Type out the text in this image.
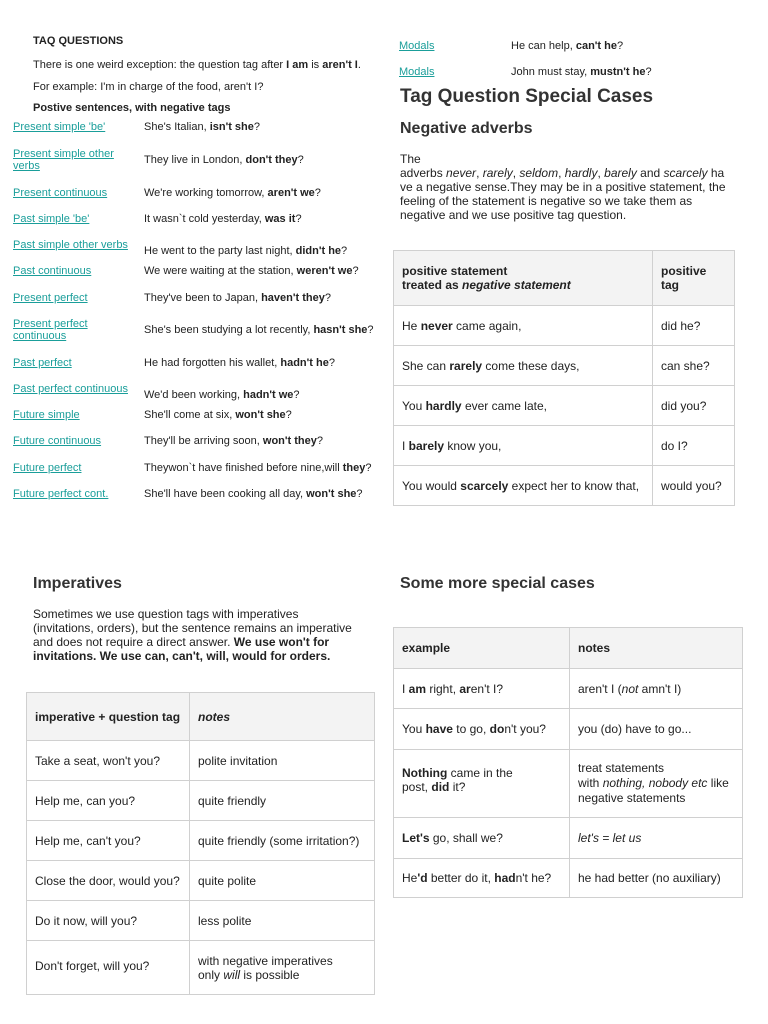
TAQ QUESTIONS
There is one weird exception: the question tag after I am is aren't I.
For example: I'm in charge of the food, aren't I?
Postive sentences, with negative tags
Present simple 'be'	She's Italian, isn't she?
Present simple other verbs	They live in London, don't they?
Present continuous	We're working tomorrow, aren't we?
Past simple 'be'	It wasn`t cold yesterday, was it?
Past simple other verbs	He went to the party last night, didn't he?
Past continuous	We were waiting at the station, weren't we?
Present perfect	They've been to Japan, haven't they?
Present perfect continuous	She's been studying a lot recently, hasn't she?
Past perfect	He had forgotten his wallet, hadn't he?
Past perfect continuous	We'd been working, hadn't we?
Future simple	She'll come at six, won't she?
Future continuous	They'll be arriving soon, won't they?
Future perfect	Theywon`t have finished before nine,will they?
Future perfect cont.	She'll have been cooking all day, won't she?
Modals	He can help, can't he?
Modals	John must stay, mustn't he?
Tag Question Special Cases
Negative adverbs
The
adverbs never, rarely, seldom, hardly, barely and scarcely ha
ve a negative sense.They may be in a positive statement, the
feeling of the statement is negative so we take them as
negative and we use positive tag question.
positive statement
treated as negative statement	positive tag
He never came again,	did he?
She can rarely come these days,	can she?
You hardly ever came late,	did you?
I barely know you,	do I?
You would scarcely expect her to know that,	would you?
Imperatives
Sometimes we use question tags with imperatives
(invitations, orders), but the sentence remains an imperative
and does not require a direct answer. We use won't for
invitations. We use can, can't, will, would for orders.
imperative + question tag	notes
Take a seat, won't you?	polite invitation
Help me, can you?	quite friendly
Help me, can't you?	quite friendly (some irritation?)
Close the door, would you?	quite polite
Do it now, will you?	less polite
Don't forget, will you?	with negative imperatives
only will is possible
Some more special cases
example	notes
I am right, aren't I?	aren't I (not amn't I)
You have to go, don't you?	you (do) have to go...
Nothing came in the
post, did it?	treat statements
with nothing, nobody etc like
negative statements
Let's go, shall we?	let's = let us
He'd better do it, hadn't he?	he had better (no auxiliary)
